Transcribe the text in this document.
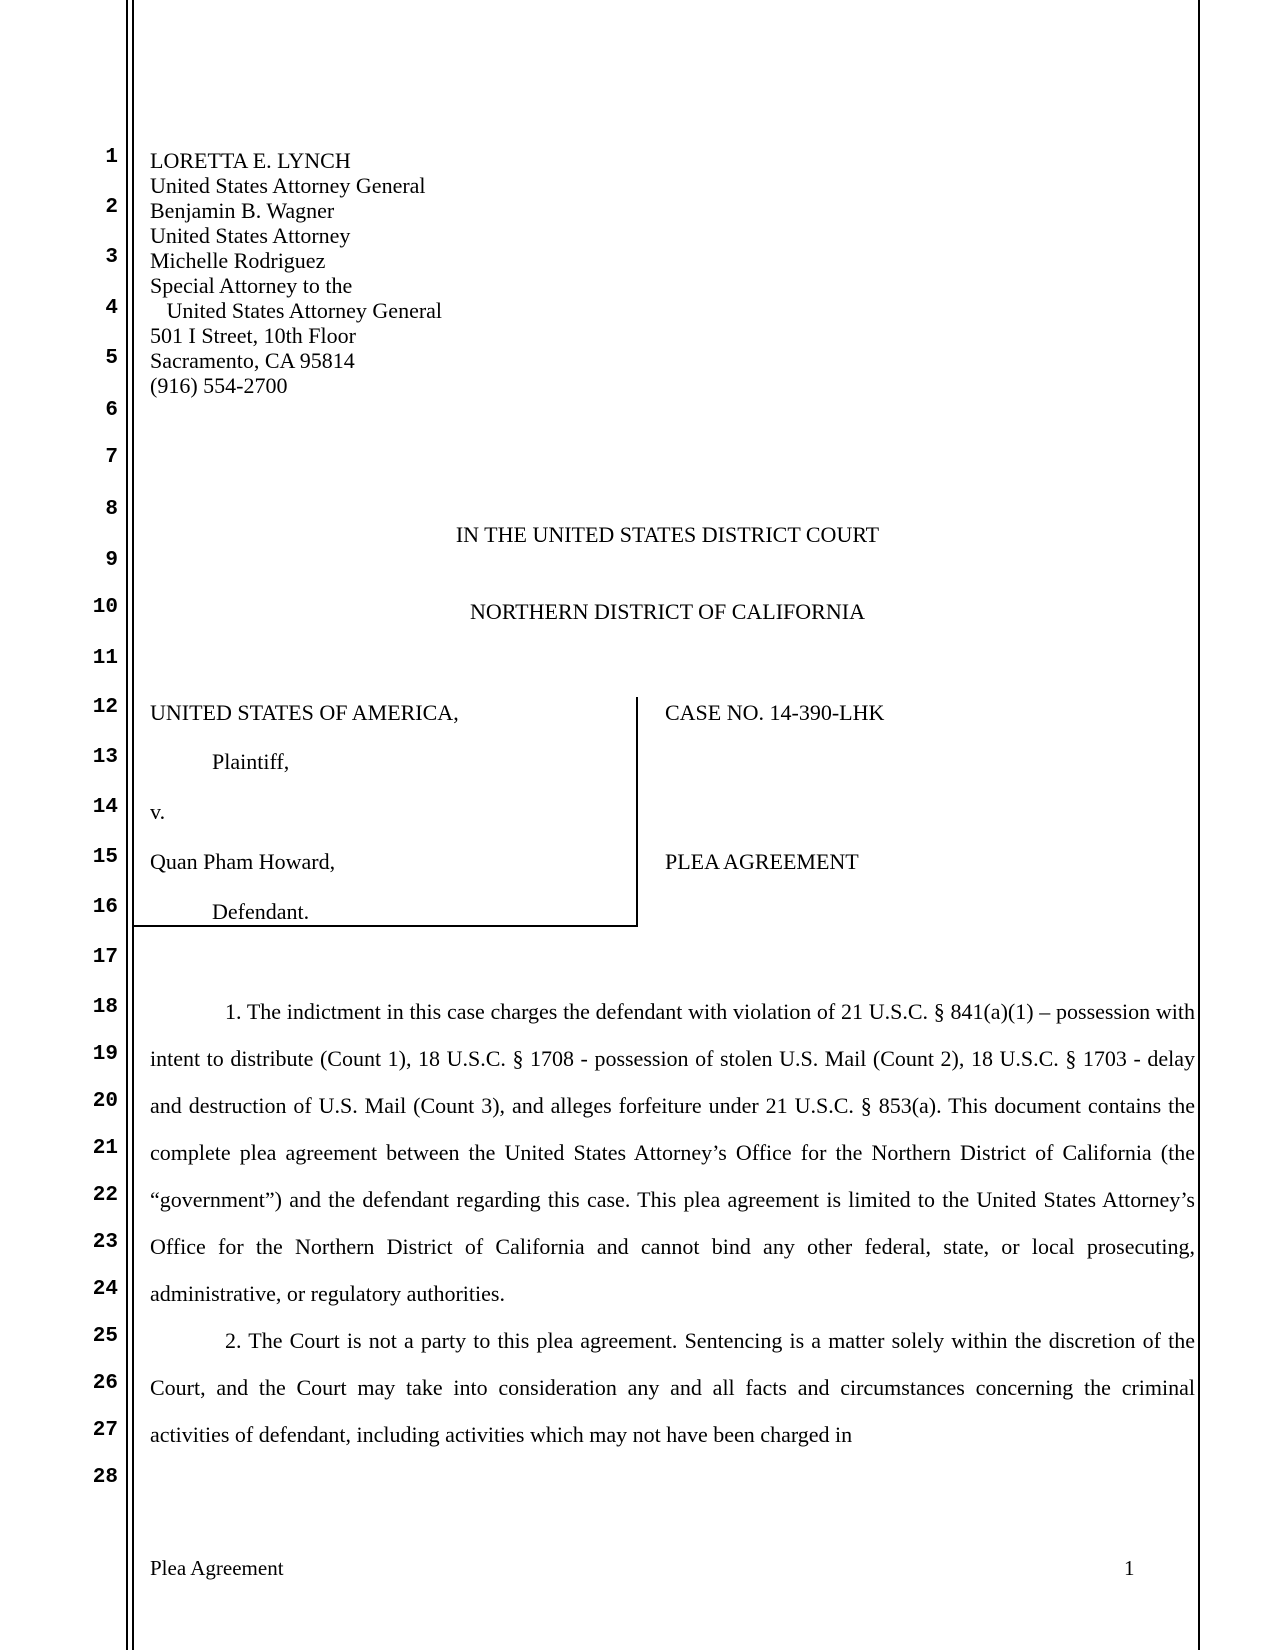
1
2
3
4
5
6
7
8
9
10
11
12
13
14
15
16
17
18
19
20
21
22
23
24
25
26
27
28
LORETTA E. LYNCH
United States Attorney General
Benjamin B. Wagner
United States Attorney
Michelle Rodriguez
Special Attorney to the
United States Attorney General
501 I Street, 10th Floor
Sacramento, CA 95814
(916) 554-2700
IN THE UNITED STATES DISTRICT COURT
NORTHERN DISTRICT OF CALIFORNIA
UNITED STATES OF AMERICA,
Plaintiff,
v.
Quan Pham Howard,
Defendant.
CASE NO. 14-390-LHK
PLEA AGREEMENT

1. The indictment in this case charges the defendant with violation of 21 U.S.C. § 841(a)(1) – possession with intent to distribute (Count 1), 18 U.S.C. § 1708 - possession of stolen U.S. Mail (Count 2), 18 U.S.C. § 1703 - delay and destruction of U.S. Mail (Count 3), and alleges forfeiture under 21 U.S.C. § 853(a). This document contains the complete plea agreement between the United States Attorney’s Office for the Northern District of California (the “government”) and the defendant regarding this case. This plea agreement is limited to the United States Attorney’s Office for the Northern District of California and cannot bind any other federal, state, or local prosecuting, administrative, or regulatory authorities.

2. The Court is not a party to this plea agreement. Sentencing is a matter solely within the discretion of the Court, and the Court may take into consideration any and all facts and circumstances concerning the criminal activities of defendant, including activities which may not have been charged in

Plea Agreement	1
